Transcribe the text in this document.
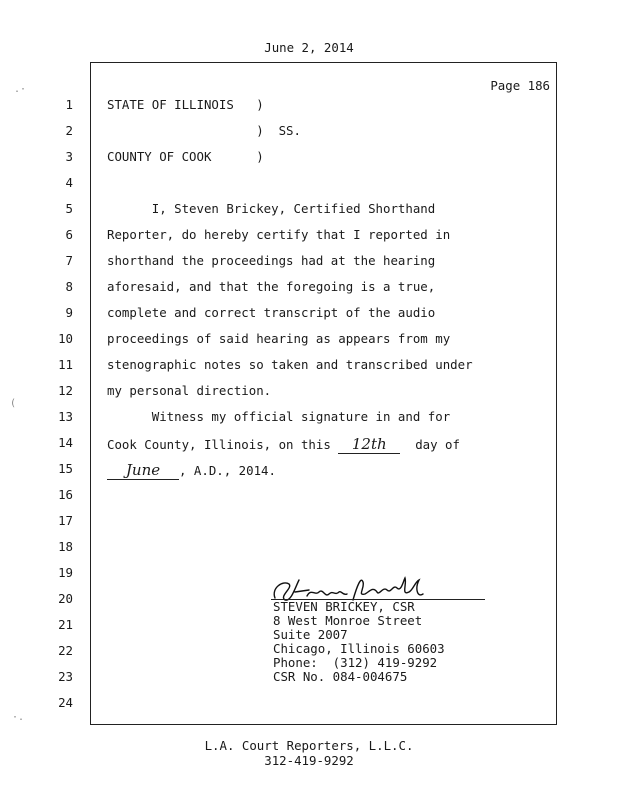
June 2, 2014
Page 186
1	STATE OF ILLINOIS   )
2	)  SS.
3	COUNTY OF COOK      )
4
5	I, Steven Brickey, Certified Shorthand
6	Reporter, do hereby certify that I reported in
7	shorthand the proceedings had at the hearing
8	aforesaid, and that the foregoing is a true,
9	complete and correct transcript of the audio
10	proceedings of said hearing as appears from my
11	stenographic notes so taken and transcribed under
12	my personal direction.
13	Witness my official signature in and for
14	Cook County, Illinois, on this 12th day of
15	June , A.D., 2014.
16
17
18
19
20
STEVEN BRICKEY, CSR
21	8 West Monroe Street
Suite 2007
22	Chicago, Illinois 60603
Phone:  (312) 419-9292
23	CSR No. 084-004675
24
L.A. Court Reporters, L.L.C.
312-419-9292
.·
(
·.
